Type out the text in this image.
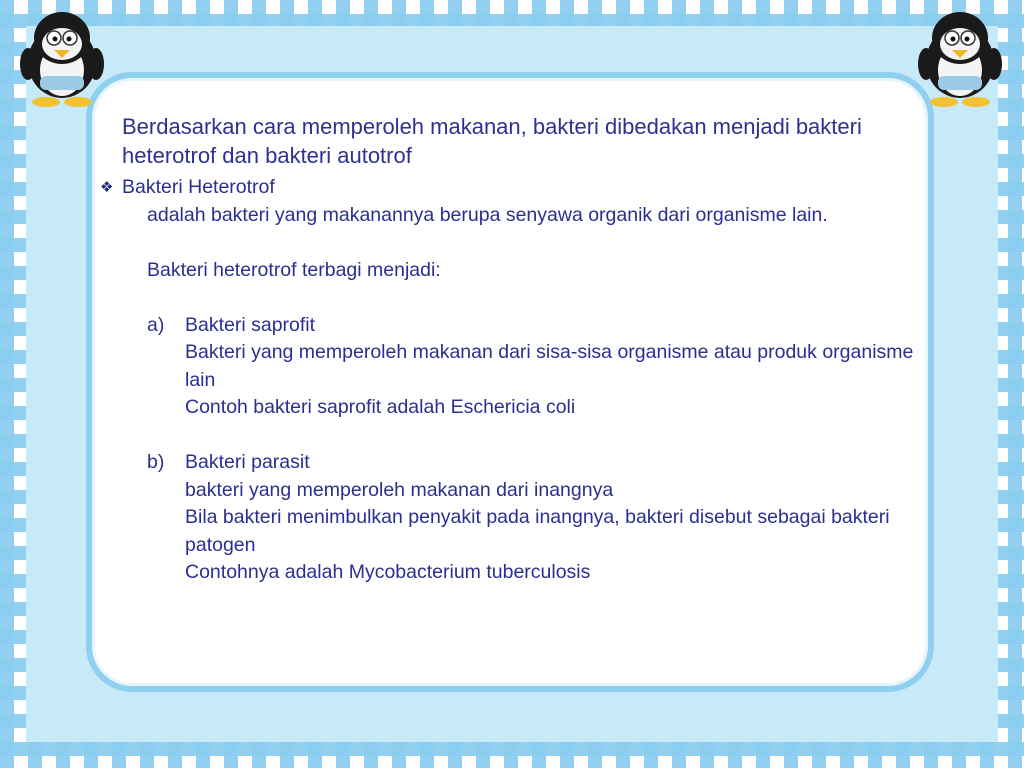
Berdasarkan cara memperoleh makanan, bakteri dibedakan menjadi bakteri heterotrof dan bakteri autotrof

❖ Bakteri Heterotrof
adalah bakteri yang makanannya berupa senyawa organik dari organisme lain.
Bakteri heterotrof terbagi menjadi:
a)	Bakteri saprofit
Bakteri yang memperoleh makanan dari sisa-sisa organisme atau produk organisme lain
Contoh bakteri saprofit adalah Eschericia coli
b)	Bakteri parasit
bakteri yang memperoleh makanan dari inangnya
Bila bakteri menimbulkan penyakit pada inangnya, bakteri disebut sebagai bakteri patogen
Contohnya adalah Mycobacterium tuberculosis
